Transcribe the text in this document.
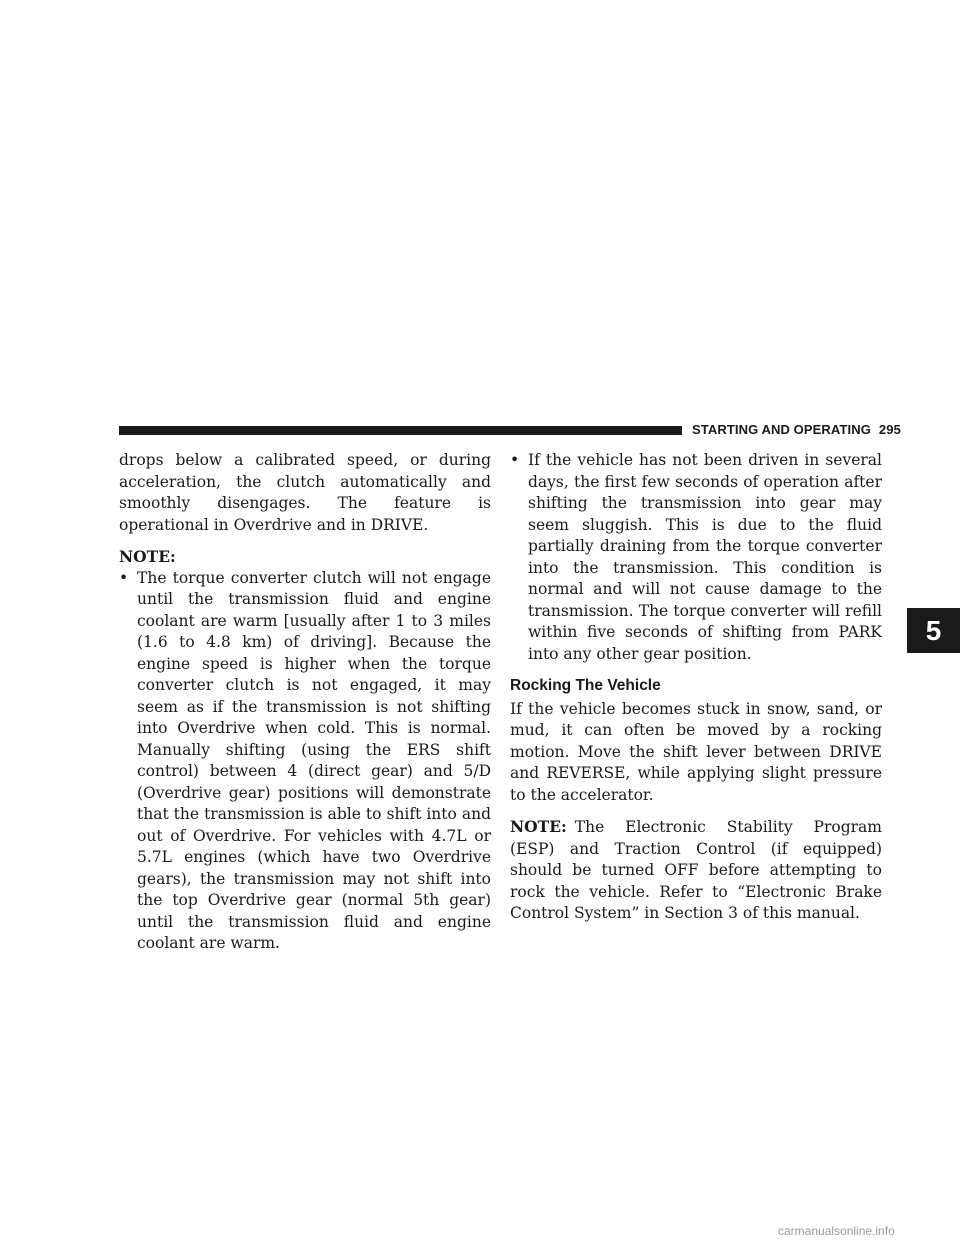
STARTING AND OPERATING 295

drops below a calibrated speed, or during acceleration, the clutch automatically and smoothly disengages. The feature is operational in Overdrive and in DRIVE.

NOTE:

• The torque converter clutch will not engage until the transmission fluid and engine coolant are warm [usually after 1 to 3 miles (1.6 to 4.8 km) of driving]. Because the engine speed is higher when the torque converter clutch is not engaged, it may seem as if the transmission is not shifting into Overdrive when cold. This is normal. Manually shifting (using the ERS shift control) between 4 (direct gear) and 5/D (Overdrive gear) positions will demonstrate that the transmission is able to shift into and out of Overdrive. For vehicles with 4.7L or 5.7L engines (which have two Overdrive gears), the transmission may not shift into the top Overdrive gear (normal 5th gear) until the transmission fluid and engine coolant are warm.
• If the vehicle has not been driven in several days, the first few seconds of operation after shifting the transmission into gear may seem sluggish. This is due to the fluid partially draining from the torque converter into the transmission. This condition is normal and will not cause damage to the transmission. The torque converter will refill within five seconds of shifting from PARK into any other gear position.
Rocking The Vehicle

If the vehicle becomes stuck in snow, sand, or mud, it can often be moved by a rocking motion. Move the shift lever between DRIVE and REVERSE, while applying slight pressure to the accelerator.

NOTE: The Electronic Stability Program (ESP) and Traction Control (if equipped) should be turned OFF before attempting to rock the vehicle. Refer to “Electronic Brake Control System” in Section 3 of this manual.

5
carmanualsonline.info
